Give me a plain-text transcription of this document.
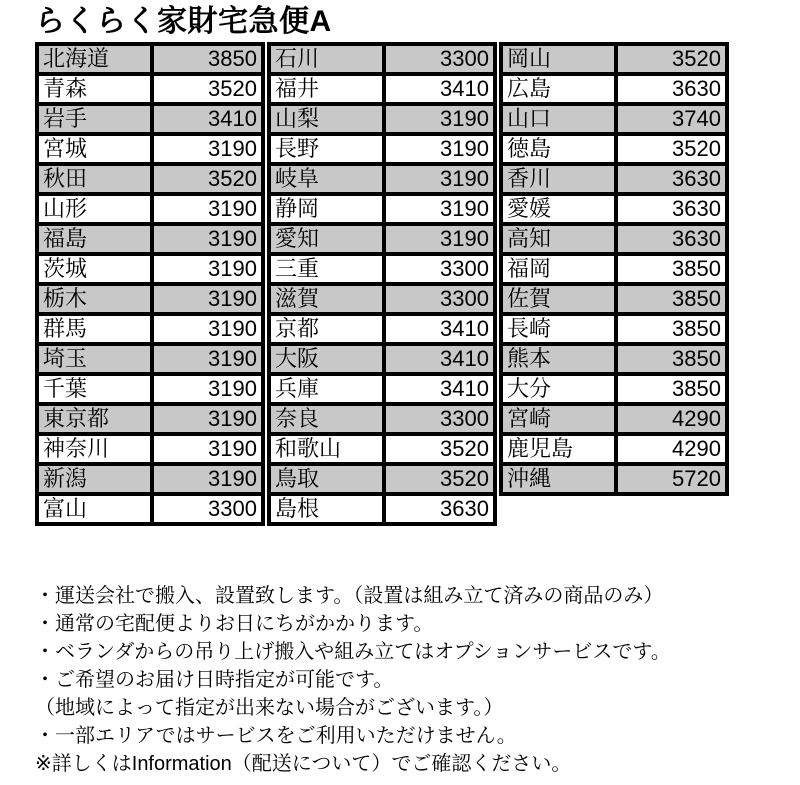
らくらく家財宅急便A
北海道	3850
青森	3520
岩手	3410
宮城	3190
秋田	3520
山形	3190
福島	3190
茨城	3190
栃木	3190
群馬	3190
埼玉	3190
千葉	3190
東京都	3190
神奈川	3190
新潟	3190
富山	3300
石川	3300
福井	3410
山梨	3190
長野	3190
岐阜	3190
静岡	3190
愛知	3190
三重	3300
滋賀	3300
京都	3410
大阪	3410
兵庫	3410
奈良	3300
和歌山	3520
鳥取	3520
島根	3630
岡山	3520
広島	3630
山口	3740
徳島	3520
香川	3630
愛媛	3630
高知	3630
福岡	3850
佐賀	3850
長崎	3850
熊本	3850
大分	3850
宮崎	4290
鹿児島	4290
沖縄	5720
・運送会社で搬入、設置致します。（設置は組み立て済みの商品のみ）
・通常の宅配便よりお日にちがかかります。
・ベランダからの吊り上げ搬入や組み立てはオプションサービスです。
・ご希望のお届け日時指定が可能です。
（地域によって指定が出来ない場合がございます。）
・一部エリアではサービスをご利用いただけません。
※詳しくはInformation（配送について）でご確認ください。
